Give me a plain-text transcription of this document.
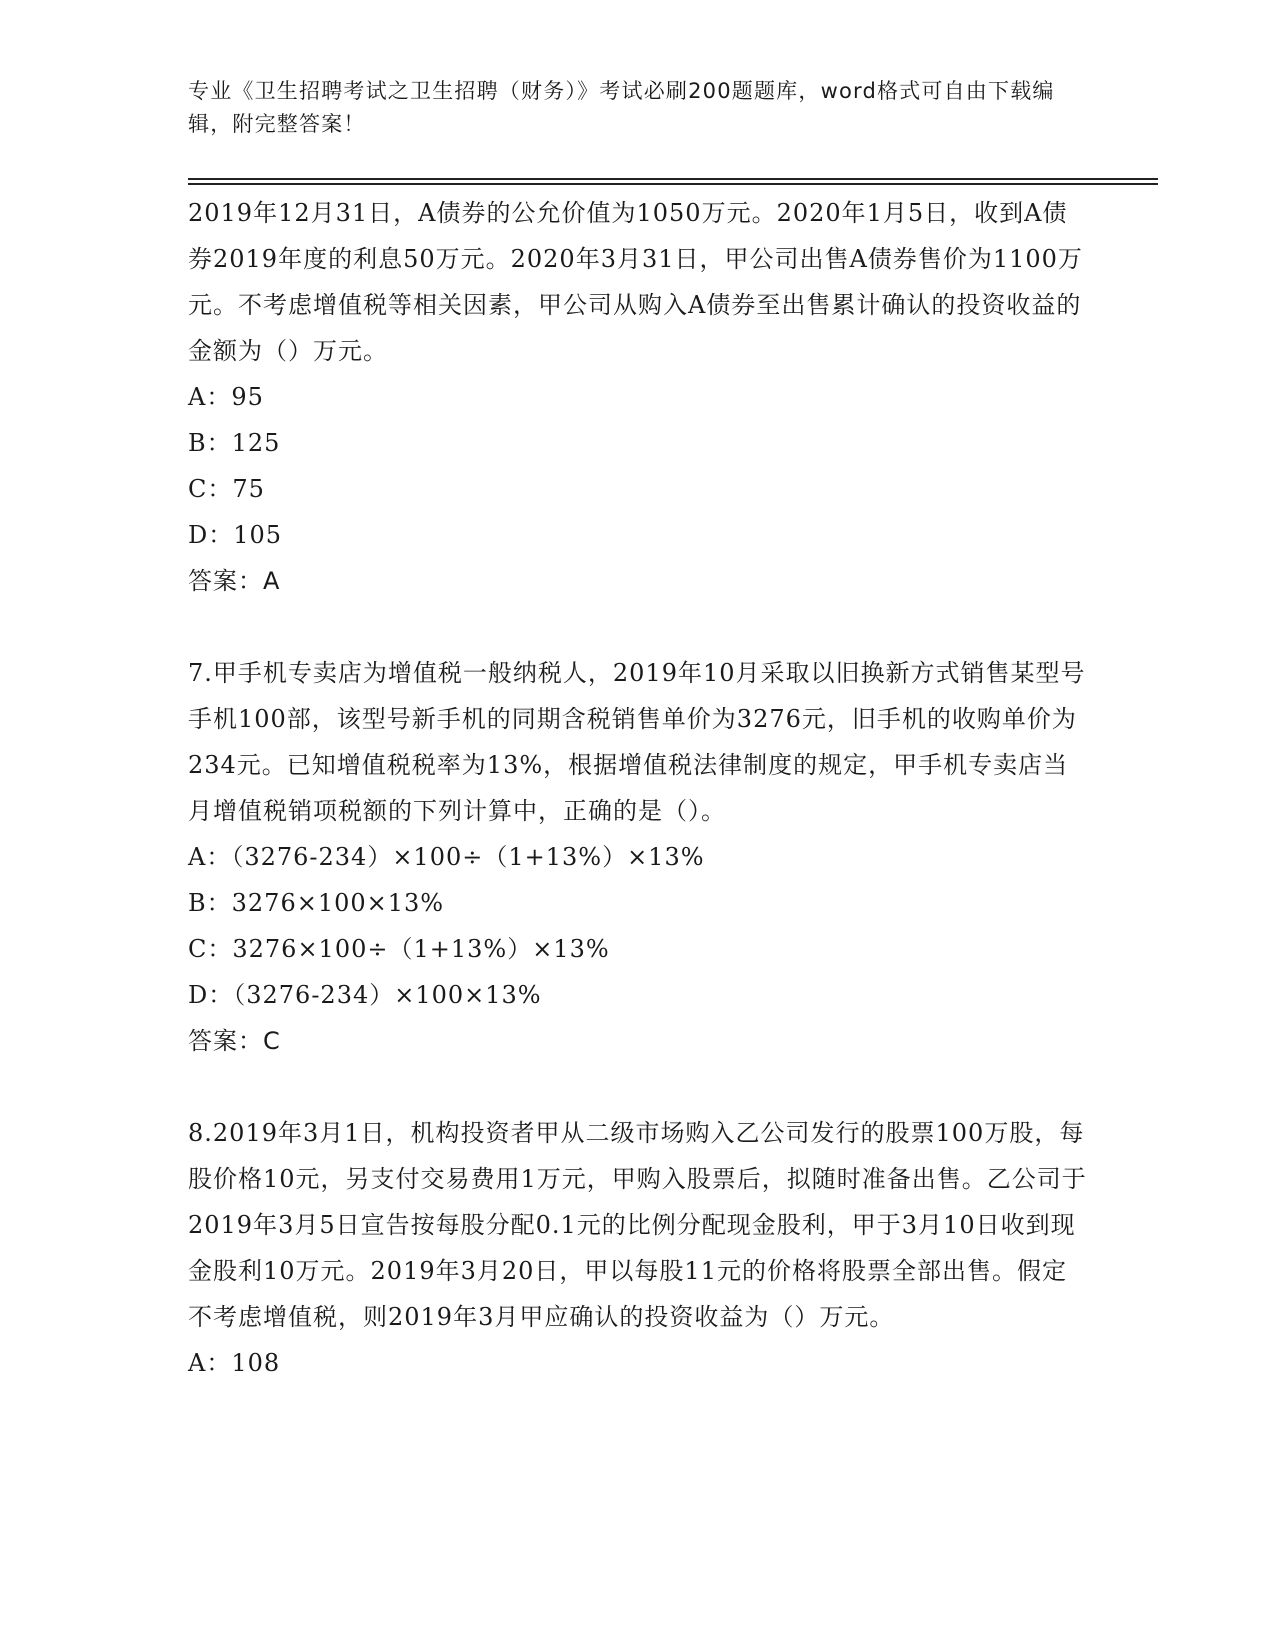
专业《卫生招聘考试之卫生招聘（财务）》考试必刷200题题库，word格式可自由下载编辑，附完整答案！
2019年12月31日，A债券的公允价值为1050万元。2020年1月5日，收到A债券2019年度的利息50万元。2020年3月31日，甲公司出售A债券售价为1100万元。不考虑增值税等相关因素，甲公司从购入A债券至出售累计确认的投资收益的金额为（）万元。
A：95
B：125
C：75
D：105
答案：A
7.甲手机专卖店为增值税一般纳税人，2019年10月采取以旧换新方式销售某型号手机100部，该型号新手机的同期含税销售单价为3276元，旧手机的收购单价为234元。已知增值税税率为13%，根据增值税法律制度的规定，甲手机专卖店当月增值税销项税额的下列计算中，正确的是（）。
A：（3276-234）×100÷（1+13%）×13%
B：3276×100×13%
C：3276×100÷（1+13%）×13%
D：（3276-234）×100×13%
答案：C
8.2019年3月1日，机构投资者甲从二级市场购入乙公司发行的股票100万股，每股价格10元，另支付交易费用1万元，甲购入股票后，拟随时准备出售。乙公司于2019年3月5日宣告按每股分配0.1元的比例分配现金股利，甲于3月10日收到现金股利10万元。2019年3月20日，甲以每股11元的价格将股票全部出售。假定不考虑增值税，则2019年3月甲应确认的投资收益为（）万元。
A：108
